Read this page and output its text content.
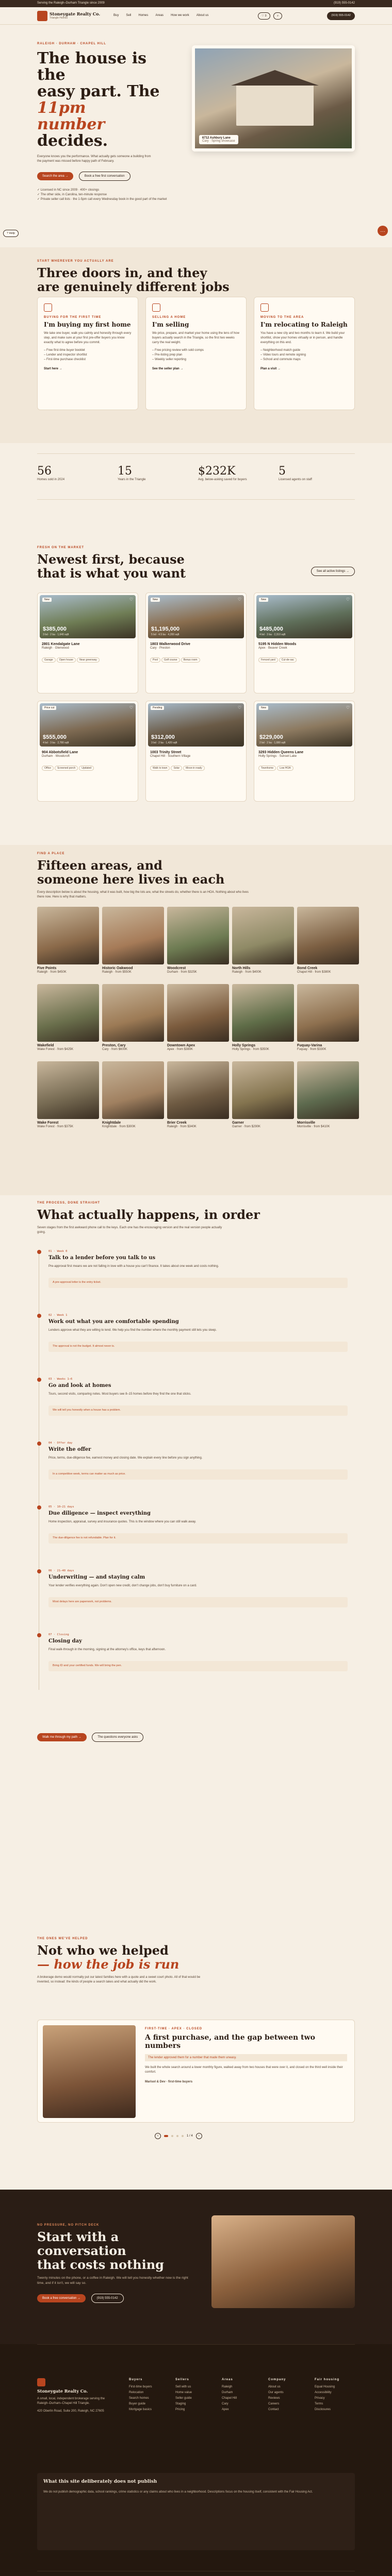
Serving the Raleigh–Durham Triangle since 2009	(919) 555-0142
Stoneygate Realty Co.
Triangle Homes
Buy Sell Homes Areas How we work About us	♡ 3	⌕	(919) 555-0142
RALEIGH · DURHAM · CHAPEL HILL
The house is the
easy part. The 11pm
number decides.

Everyone knows you the performance. What actually gets someone a building from the payment was missed before happy path of February.

Search the area →	Book a free first conversation
✓ Licensed in NC since 2009 · 400+ closings
✓ The other side, in Carolina, ten-minute response
✓ Private seller call lists · the 1-5pm call every Wednesday book in the good part of the market
6712 Ashbury Lane
Cary · Spring showcase
? Help	…
START WHEREVER YOU ACTUALLY ARE
Three doors in, and they
are genuinely different jobs
BUYING FOR THE FIRST TIME
I'm buying my first home

We take one buyer, walk you calmly and honestly through every step, and make sure at your first pre-offer buyers you know exactly what to agree before you commit.

– Free first-time buyer booklet
– Lender and inspector shortlist
– First-time purchase checklist
Start here →
SELLING A HOME
I'm selling

We price, prepare, and market your home using the lens of how buyers actually search in the Triangle, so the first two weeks carry the real weight.

– Free pricing review with sold comps
– Pre-listing prep plan
– Weekly seller reporting
See the seller plan →
MOVING TO THE AREA
I'm relocating to Raleigh

You have a new city and two months to learn it. We build your shortlist, show your homes virtually or in person, and handle everything on this end.

– Neighborhood match guide
– Video tours and remote signing
– School and commute maps
Plan a visit →
56
Homes sold in 2024
15
Years in the Triangle
$232K
Avg. below-asking saved for buyers
5
Licensed agents on staff
FRESH ON THE MARKET
Newest first, because
that is what you want	See all active listings →
New	♡
$385,000
3 bd · 2 ba · 1,640 sqft
2801 Kendalgate Lane
Raleigh · Glenwood
Garage Open house Near greenway
New	♡
$1,195,000
5 bd · 4.5 ba · 4,200 sqft
1803 Walkerwood Drive
Cary · Preston
Pool Golf course Bonus room
New	♡
$485,000
4 bd · 3 ba · 2,310 sqft
5195 N Hidden Woods
Apex · Beaver Creek
Fenced yard Cul-de-sac
Price cut	♡
$555,000
4 bd · 3 ba · 2,780 sqft
904 Abbotsfield Lane
Durham · Woodcroft
Office Screened porch Updated
Pending	♡
$312,000
3 bd · 2 ba · 1,420 sqft
1003 Trinity Street
Chapel Hill · Southern Village
Walk to town Solar Move-in ready
New	♡
$229,000
2 bd · 2 ba · 1,080 sqft
3293 Hidden Queens Lane
Holly Springs · Sunset Lake
Townhome Low HOA
FIND A PLACE
Fifteen areas, and
someone here lives in each

Every description below is about the housing, what it was built, how big the lots are, what the streets do, whether there is an HOA. Nothing about who lives there now. Here is why that matters.

Five Points
Raleigh · from $450K
Historic Oakwood
Raleigh · from $550K
Woodcrest
Durham · from $325K
North Hills
Raleigh · from $400K
Bond Creek
Chapel Hill · from $380K
Wakefield
Wake Forest · from $425K
Preston, Cary
Cary · from $600K
Downtown Apex
Apex · from $380K
Holly Springs
Holly Springs · from $350K
Fuquay-Varina
Fuquay · from $330K
Wake Forest
Wake Forest · from $375K
Knightdale
Knightdale · from $300K
Brier Creek
Raleigh · from $340K
Garner
Garner · from $290K
Morrisville
Morrisville · from $410K
THE PROCESS, DONE STRAIGHT
What actually happens, in order

Seven stages from the first awkward phone call to the keys. Each one has the encouraging version and the real version people actually going.

01 · Week 0
Talk to a lender before you talk to us

Pre-approval first means we are not falling in love with a house you can't finance. It takes about one week and costs nothing.

A pre-approval letter is the entry ticket.
02 · Week 1
Work out what you are comfortable spending

Lenders approve what they are willing to lend. We help you find the number where the monthly payment still lets you sleep.

The approval is not the budget. It almost never is.
03 · Weeks 1–6
Go and look at homes

Tours, second visits, comparing notes. Most buyers see 8–15 homes before they find the one that sticks.

We will tell you honestly when a house has a problem.
04 · Offer day
Write the offer

Price, terms, due-diligence fee, earnest money and closing date. We explain every line before you sign anything.

In a competitive week, terms can matter as much as price.
05 · 10–21 days
Due diligence — inspect everything

Home inspection, appraisal, survey and insurance quotes. This is the window where you can still walk away.

The due-diligence fee is not refundable. Plan for it.
06 · 21–40 days
Underwriting — and staying calm

Your lender verifies everything again. Don't open new credit, don't change jobs, don't buy furniture on a card.

Most delays here are paperwork, not problems.
07 · Closing
Closing day

Final walk-through in the morning, signing at the attorney's office, keys that afternoon.

Bring ID and your certified funds. We will bring the pen.
Walk me through my path →	The questions everyone asks
THE ONES WE'VE HELPED
Not who we helped
— how the job is run

A brokerage demo would normally put our latest families here with a quote and a sweet court photo. All of that would be invented, so instead: the kinds of people a search takes and what actually did the work.

FIRST-TIME · APEX · CLOSED
A first purchase, and the gap between two numbers
The lender approved them for a number that made them uneasy.

We built the whole search around a lower monthly figure, walked away from two houses that were over it, and closed on the third well inside their comfort.

Marisol & Dev · first-time buyers
‹	1 / 4	›
NO PRESSURE, NO PITCH DECK
Start with a conversation
that costs nothing

Twenty minutes on the phone, or a coffee in Raleigh. We will tell you honestly whether now is the right time, and if it isn't, we will say so.

Book a free conversation →	(919) 555-0142
Stoneygate Realty Co.

A small, local, independent brokerage serving the Raleigh–Durham–Chapel Hill Triangle.

420 Oberlin Road, Suite 200, Raleigh, NC 27605

Buyers
First-time buyers
Relocation
Search homes
Buyer guide
Mortgage basics
Sellers
Sell with us
Home value
Seller guide
Staging
Pricing
Areas
Raleigh
Durham
Chapel Hill
Cary
Apex
Company
About us
Our agents
Reviews
Careers
Contact
Fair housing
Equal Housing
Accessibility
Privacy
Terms
Disclosures
What this site deliberately does not publish

We do not publish demographic data, school rankings, crime statistics or any claims about who lives in a neighborhood. Descriptions focus on the housing itself, consistent with the Fair Housing Act.
